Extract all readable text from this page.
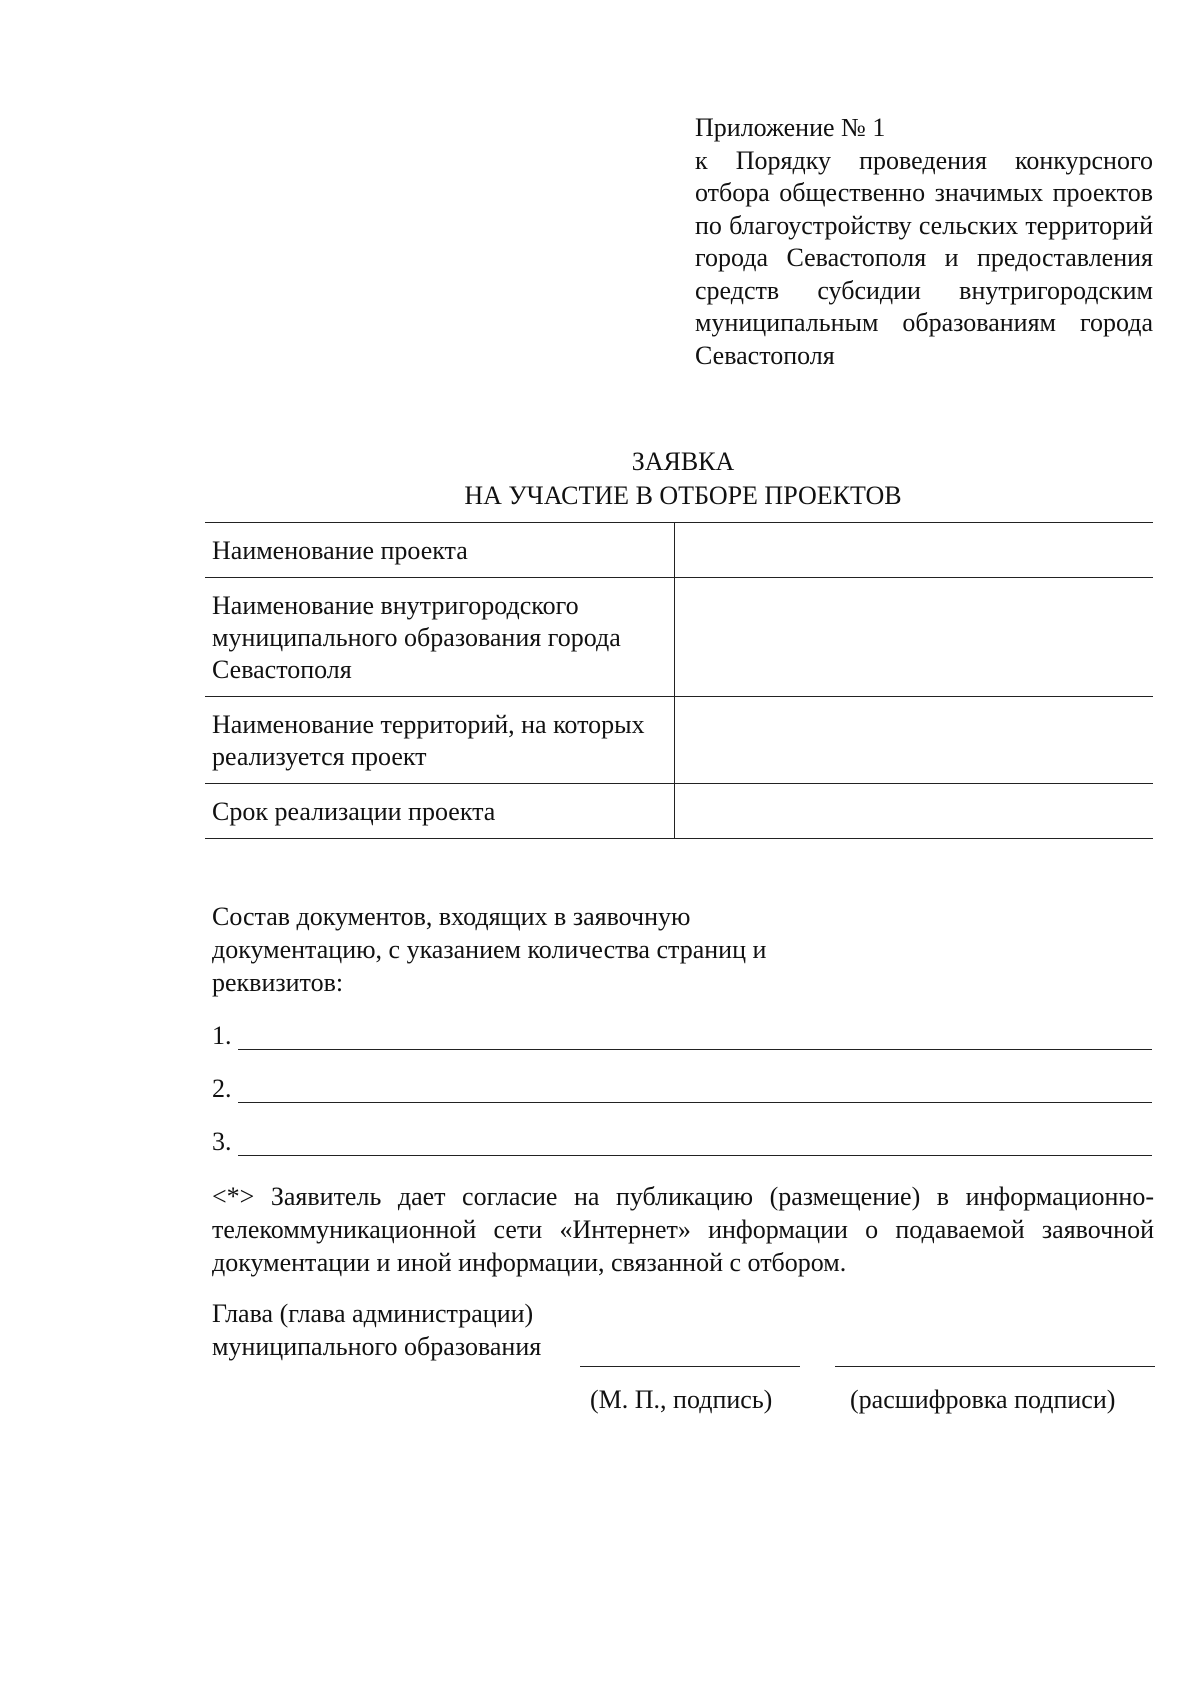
Приложение № 1
к Порядку проведения конкурсного отбора общественно значимых проектов по благоустройству сельских территорий города Севастополя и предоставления средств субсидии внутригородским муниципальным образованиям города Севастополя
ЗАЯВКА
НА УЧАСТИЕ В ОТБОРЕ ПРОЕКТОВ
Наименование проекта	
Наименование внутригородского муниципального образования города Севастополя	
Наименование территорий, на которых реализуется проект	
Срок реализации проекта	
Состав документов, входящих в заявочную документацию, с указанием количества страниц и реквизитов:
1.
2.
3.
<*> Заявитель дает согласие на публикацию (размещение) в информационно-телекоммуникационной сети «Интернет» информации о подаваемой заявочной документации и иной информации, связанной с отбором.
Глава (глава администрации)
муниципального образования
(М. П., подпись)	(расшифровка подписи)
